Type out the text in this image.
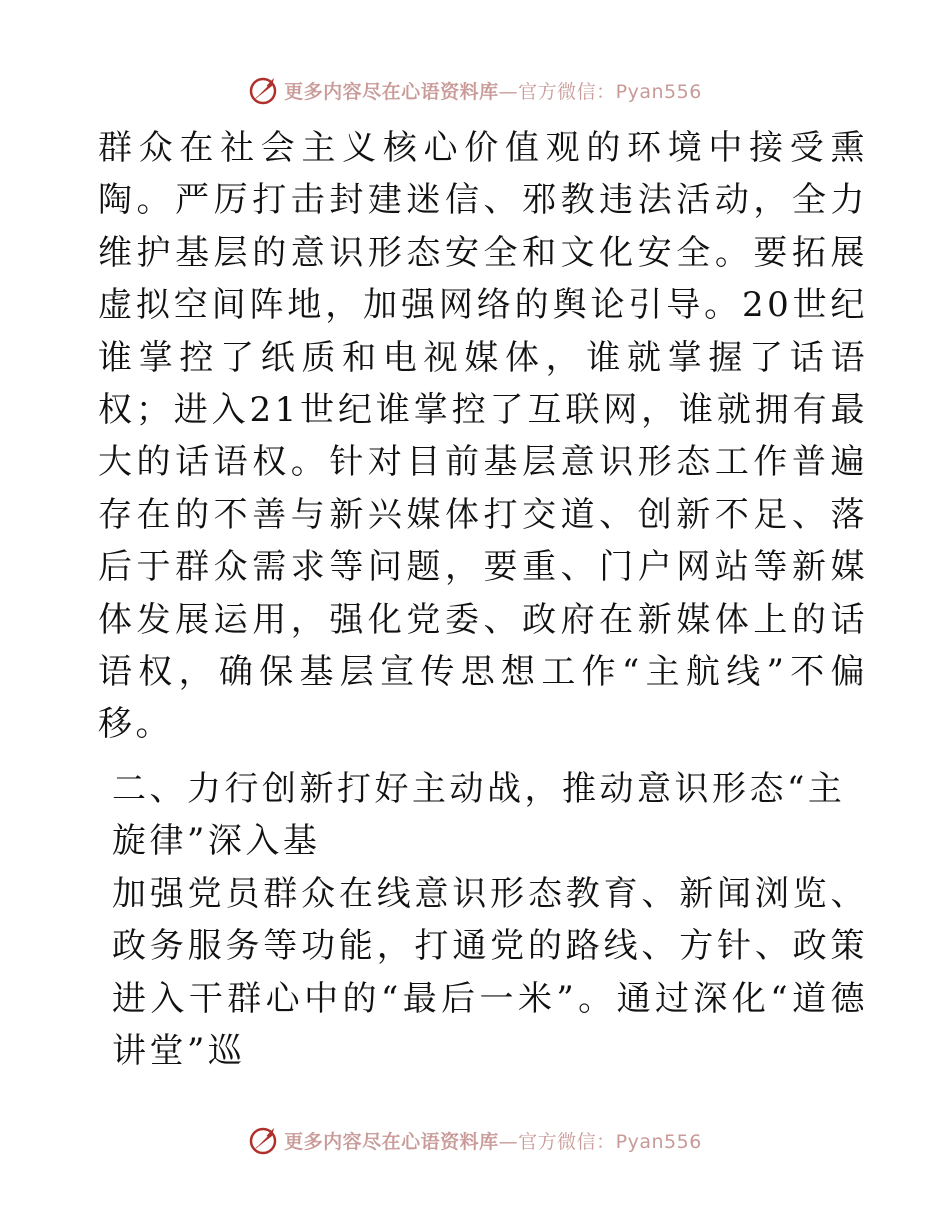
更多内容尽在心语资料库—官方微信：Pyan556

群众在社会主义核心价值观的环境中接受熏陶。严厉打击封建迷信、邪教违法活动，全力维护基层的意识形态安全和文化安全。要拓展虚拟空间阵地，加强网络的舆论引导。20世纪谁掌控了纸质和电视媒体，谁就掌握了话语权；进入21世纪谁掌控了互联网，谁就拥有最大的话语权。针对目前基层意识形态工作普遍存在的不善与新兴媒体打交道、创新不足、落后于群众需求等问题，要重、门户网站等新媒体发展运用，强化党委、政府在新媒体上的话语权，确保基层宣传思想工作“主航线”不偏移。

二、力行创新打好主动战，推动意识形态“主旋律”深入基

加强党员群众在线意识形态教育、新闻浏览、政务服务等功能，打通党的路线、方针、政策进入干群心中的“最后一米”。通过深化“道德讲堂”巡

更多内容尽在心语资料库—官方微信：Pyan556
